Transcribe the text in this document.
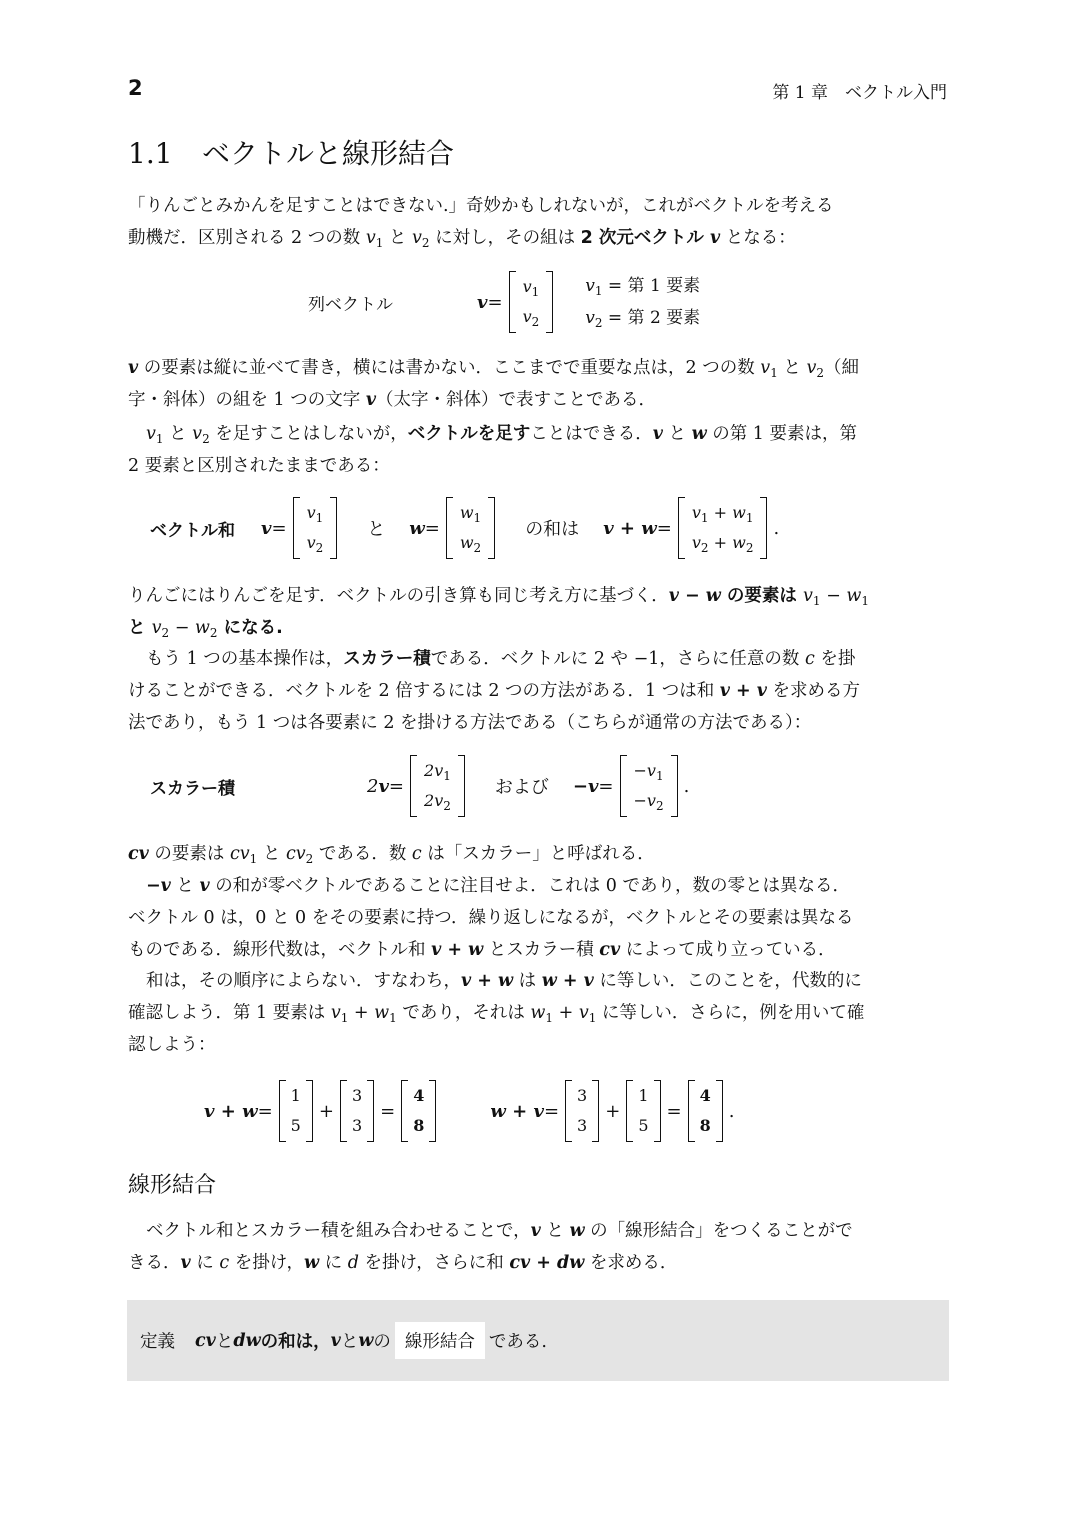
2	第 1 章　ベクトル入門
1.1 ベクトルと線形結合
「りんごとみかんを足すことはできない.」奇妙かもしれないが，これがベクトルを考える
動機だ．区別される 2 つの数 $v_1$ と $v_2$ に対し，その組は 2 次元ベクトル v となる：
列ベクトル	v =
$v_1$
$v_2$
$v_1$ = 第 1 要素
$v_2$ = 第 2 要素
v の要素は縦に並べて書き，横には書かない．ここまでで重要な点は，2 つの数 $v_1$ と $v_2$（細
字・斜体）の組を 1 つの文字 v（太字・斜体）で表すことである．
$v_1$ と $v_2$ を足すことはしないが，ベクトルを足すことはできる．v と w の第 1 要素は，第
2 要素と区別されたままである：
ベクトル和 v =
$v_1$
$v_2$
と w =
$w_1$
$w_2$
の和は v + w =
$v_1 + w_1$
$v_2 + w_2$
.
りんごにはりんごを足す．ベクトルの引き算も同じ考え方に基づく．v − w の要素は $v_1 - w_1$
と $v_2 - w_2$ になる.
もう 1 つの基本操作は，スカラー積である．ベクトルに 2 や −1，さらに任意の数 c を掛
けることができる．ベクトルを 2 倍するには 2 つの方法がある．1 つは和 v + v を求める方
法であり，もう 1 つは各要素に 2 を掛ける方法である（こちらが通常の方法である）：
スカラー積	2v =
$2v_1$
$2v_2$
および −v =
$-v_1$
$-v_2$
.
cv の要素は $cv_1$ と $cv_2$ である．数 c は「スカラー」と呼ばれる．
−v と v の和が零ベクトルであることに注目せよ．これは 0 であり，数の零とは異なる．
ベクトル 0 は，0 と 0 をその要素に持つ．繰り返しになるが，ベクトルとその要素は異なる
ものである．線形代数は，ベクトル和 v + w とスカラー積 cv によって成り立っている．
和は，その順序によらない．すなわち，v + w は w + v に等しい．このことを，代数的に
確認しよう．第 1 要素は $v_1 + w_1$ であり，それは $w_1 + v_1$ に等しい．さらに，例を用いて確
認しよう：
v + w =
1
5
+
3
3
=
4
8
w + v =
3
3
+
1
5
=
4
8
.
線形結合
ベクトル和とスカラー積を組み合わせることで，v と w の「線形結合」をつくることがで
きる．v に c を掛け，w に d を掛け，さらに和 cv + dw を求める．
定義 cv と dw の和は， v と w の 線形結合 である.
